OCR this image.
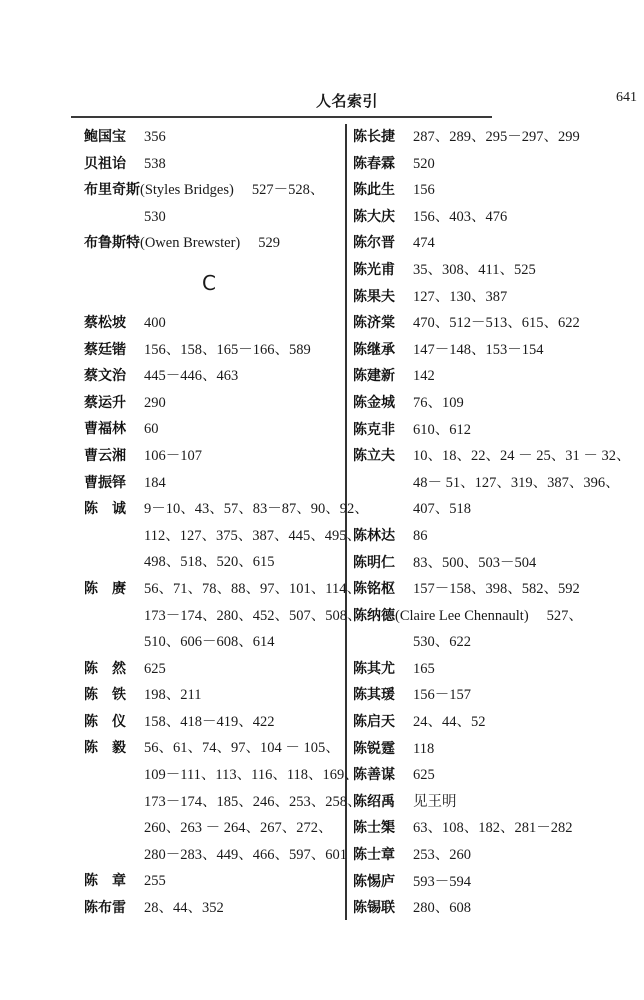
人名索引	641
鲍国宝 356
贝祖诒 538
布里奇斯(Styles Bridges) 527－528、
530
布鲁斯特(Owen Brewster) 529
C
蔡松坡 400
蔡廷锴 156、158、165－166、589
蔡文治 445－446、463
蔡运升 290
曹福林 60
曹云湘 106－107
曹振铎 184
陈诚 9－10、43、57、83－87、90、92、
112、127、375、387、445、495、
498、518、520、615
陈赓 56、71、78、88、97、101、114、
173－174、280、452、507、508、
510、606－608、614
陈然 625
陈铁 198、211
陈仪 158、418－419、422
陈毅 56、61、74、97、104 － 105、
109－111、113、116、118、169、
173－174、185、246、253、258、
260、263 － 264、267、272、
280－283、449、466、597、601
陈章 255
陈布雷 28、44、352
陈长捷 287、289、295－297、299
陈春霖 520
陈此生 156
陈大庆 156、403、476
陈尔晋 474
陈光甫 35、308、411、525
陈果夫 127、130、387
陈济棠 470、512－513、615、622
陈继承 147－148、153－154
陈建新 142
陈金城 76、109
陈克非 610、612
陈立夫 10、18、22、24 － 25、31 － 32、
48－ 51、127、319、387、396、
407、518
陈林达 86
陈明仁 83、500、503－504
陈铭枢 157－158、398、582、592
陈纳德(Claire Lee Chennault) 527、
530、622
陈其尤 165
陈其瑗 156－157
陈启天 24、44、52
陈锐霆 118
陈善谋 625
陈绍禹 见王明
陈士榘 63、108、182、281－282
陈士章 253、260
陈惕庐 593－594
陈锡联 280、608
